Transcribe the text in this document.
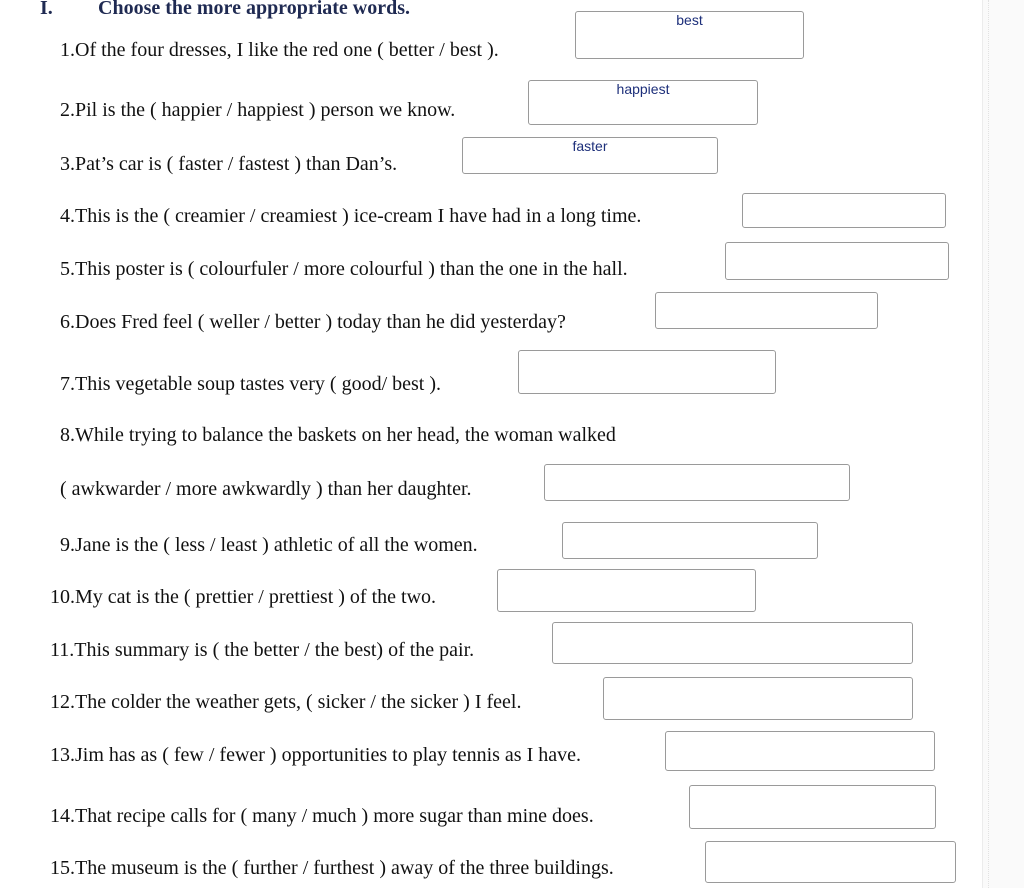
I. Choose the more appropriate words.
1.Of the four dresses, I like the red one ( better / best ).
best
2.Pil is the ( happier / happiest ) person we know.
happiest
3.Pat’s car is ( faster / fastest ) than Dan’s.
faster
4.This is the ( creamier / creamiest ) ice-cream I have had in a long time.
5.This poster is ( colourfuler / more colourful ) than the one in the hall.
6.Does Fred feel ( weller / better ) today than he did yesterday?
7.This vegetable soup tastes very ( good/ best ).
8.While trying to balance the baskets on her head, the woman walked
( awkwarder / more awkwardly ) than her daughter.
9.Jane is the ( less / least ) athletic of all the women.
10.My cat is the ( prettier / prettiest ) of the two.
11.This summary is ( the better / the best) of the pair.
12.The colder the weather gets, ( sicker / the sicker ) I feel.
13.Jim has as ( few / fewer ) opportunities to play tennis as I have.
14.That recipe calls for ( many / much ) more sugar than mine does.
15.The museum is the ( further / furthest ) away of the three buildings.
